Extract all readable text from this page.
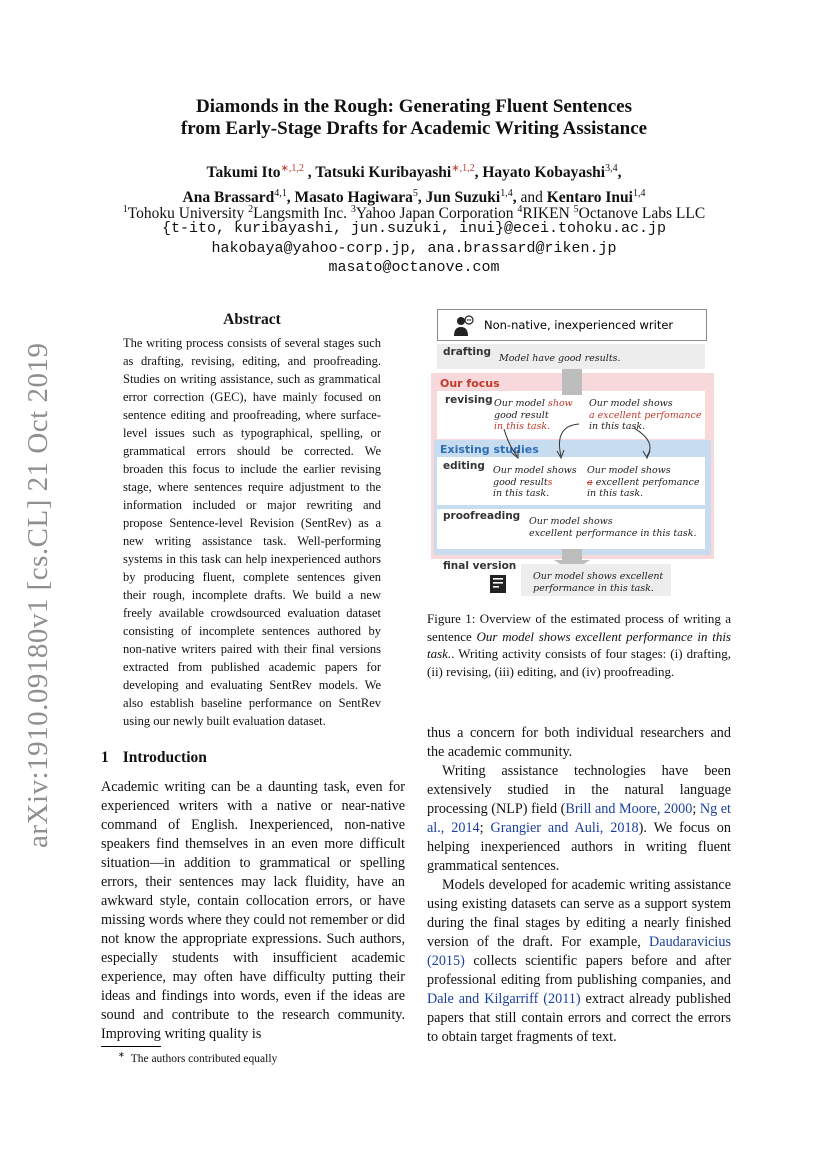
Diamonds in the Rough: Generating Fluent Sentences
from Early-Stage Drafts for Academic Writing Assistance
Takumi Ito$^{∗,1,2}$ , Tatsuki Kuribayashi$^{∗,1,2}$, Hayato Kobayashi$^{3,4}$,
Ana Brassard$^{4,1}$, Masato Hagiwara$^5$, Jun Suzuki$^{1,4}$, and Kentaro Inui$^{1,4}$
$^1$Tohoku University $^2$Langsmith Inc. $^3$Yahoo Japan Corporation $^4$RIKEN $^5$Octanove Labs LLC
{t-ito, kuribayashi, jun.suzuki, inui}@ecei.tohoku.ac.jp
hakobaya@yahoo-corp.jp, ana.brassard@riken.jp
masato@octanove.com
arXiv:1910.09180v1 [cs.CL] 21 Oct 2019
Abstract
The writing process consists of several stages such as drafting, revising, editing, and proofreading. Studies on writing assistance, such as grammatical error correction (GEC), have mainly focused on sentence editing and proofreading, where surface-level issues such as typographical, spelling, or grammatical errors should be corrected. We broaden this focus to include the earlier revising stage, where sentences require adjustment to the information included or major rewriting and propose Sentence-level Revision (SentRev) as a new writing assistance task. Well-performing systems in this task can help inexperienced authors by producing fluent, complete sentences given their rough, incomplete drafts. We build a new freely available crowdsourced evaluation dataset consisting of incomplete sentences authored by non-native writers paired with their final versions extracted from published academic papers for developing and evaluating SentRev models. We also establish baseline performance on SentRev using our newly built evaluation dataset.
1 Introduction
Academic writing can be a daunting task, even for experienced writers with a native or near-native command of English. Inexperienced, non-native speakers find themselves in an even more difficult situation—in addition to grammatical or spelling errors, their sentences may lack fluidity, have an awkward style, contain collocation errors, or have missing words where they could not remember or did not know the appropriate expressions. Such authors, especially students with insufficient academic experience, may often have difficulty putting their ideas and findings into words, even if the ideas are sound and contribute to the research community. Improving writing quality is
∗ The authors contributed equally
Non-native, inexperienced writer
drafting
Model have good results.
Our focus
revising Our model show
good result
in this task.
Our model shows
a excellent perfomance
in this task.
Existing studies
editing Our model shows
good results
in this task.
Our model shows
a excellent perfomance
in this task.
proofreading Our model shows
excellent performance in this task.
final version
Our model shows excellent
performance in this task.
Figure 1: Overview of the estimated process of writing a sentence Our model shows excellent performance in this task.. Writing activity consists of four stages: (i) drafting, (ii) revising, (iii) editing, and (iv) proofreading.

thus a concern for both individual researchers and the academic community.

Writing assistance technologies have been extensively studied in the natural language processing (NLP) field (Brill and Moore, 2000; Ng et al., 2014; Grangier and Auli, 2018). We focus on helping inexperienced authors in writing fluent grammatical sentences.

Models developed for academic writing assistance using existing datasets can serve as a support system during the final stages by editing a nearly finished version of the draft. For example, Daudaravicius (2015) collects scientific papers before and after professional editing from publishing companies, and Dale and Kilgarriff (2011) extract already published papers that still contain errors and correct the errors to obtain target fragments of text.
